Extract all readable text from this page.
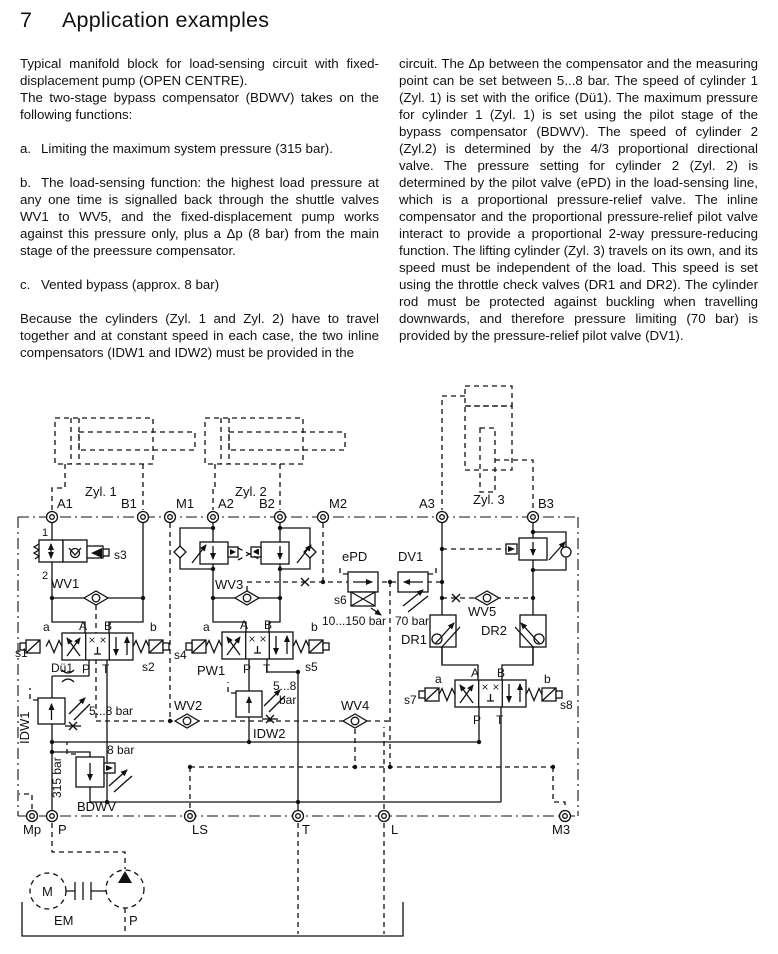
7 Application examples
Typical manifold block for load-sensing circuit with fixed-displacement pump (OPEN CENTRE).
The two-stage bypass compensator (BDWV) takes on the following functions:
a. Limiting the maximum system pressure (315 bar).
b. The load-sensing function: the highest load pressure at any one time is signalled back through the shuttle valves WV1 to WV5, and the fixed-displacement pump works against this pressure only, plus a Δp (8 bar) from the main stage of the preessure compensator.
c. Vented bypass (approx. 8 bar)
Because the cylinders (Zyl. 1 and Zyl. 2) have to travel together and at constant speed in each case, the two inline compensators (IDW1 and IDW2) must be provided in the
circuit. The Δp between the compensator and the measuring point can be set between 5...8 bar. The speed of cylinder 1 (Zyl. 1) is set with the orifice (Dü1). The maximum pressure for cylinder 1 (Zyl. 1) is set using the pilot stage of the bypass compensator (BDWV). The speed of cylinder 2 (Zyl.2) is determined by the 4/3 proportional directional valve. The pressure setting for cylinder 2 (Zyl. 2) is determined by the pilot valve (ePD) in the load-sensing line, which is a proportional pressure-relief valve. The inline compensator and the proportional pressure-relief pilot valve interact to provide a proportional 2-way pressure-reducing function. The lifting cylinder (Zyl. 3) travels on its own, and its speed must be independent of the load. This speed is set using the throttle check valves (DR1 and DR2). The cylinder rod must be protected against buckling when travelling downwards, and therefore pressure limiting (70 bar) is provided by the pressure-relief pilot valve (DV1).
Zyl. 1	Zyl. 2
Zyl. 3
A1	B1	M1 A2 B2	M2	A3	B3
Mp P	LS	T	L	M3
1
2
s3
WV1
WV2
WV3
WV4
WV5
a	b
A B
P T
s1
s2
Dü1
a	b
A B
P T
s4
s5
PW1
IDW1
5...8 bar
8 bar
315 bar
BDWV
5...8
bar
IDW2
ePD
s6
10...150 bar
DV1
70 bar
DR1
DR2
a	b
A B
P T
s7	s8
M
EM	P
